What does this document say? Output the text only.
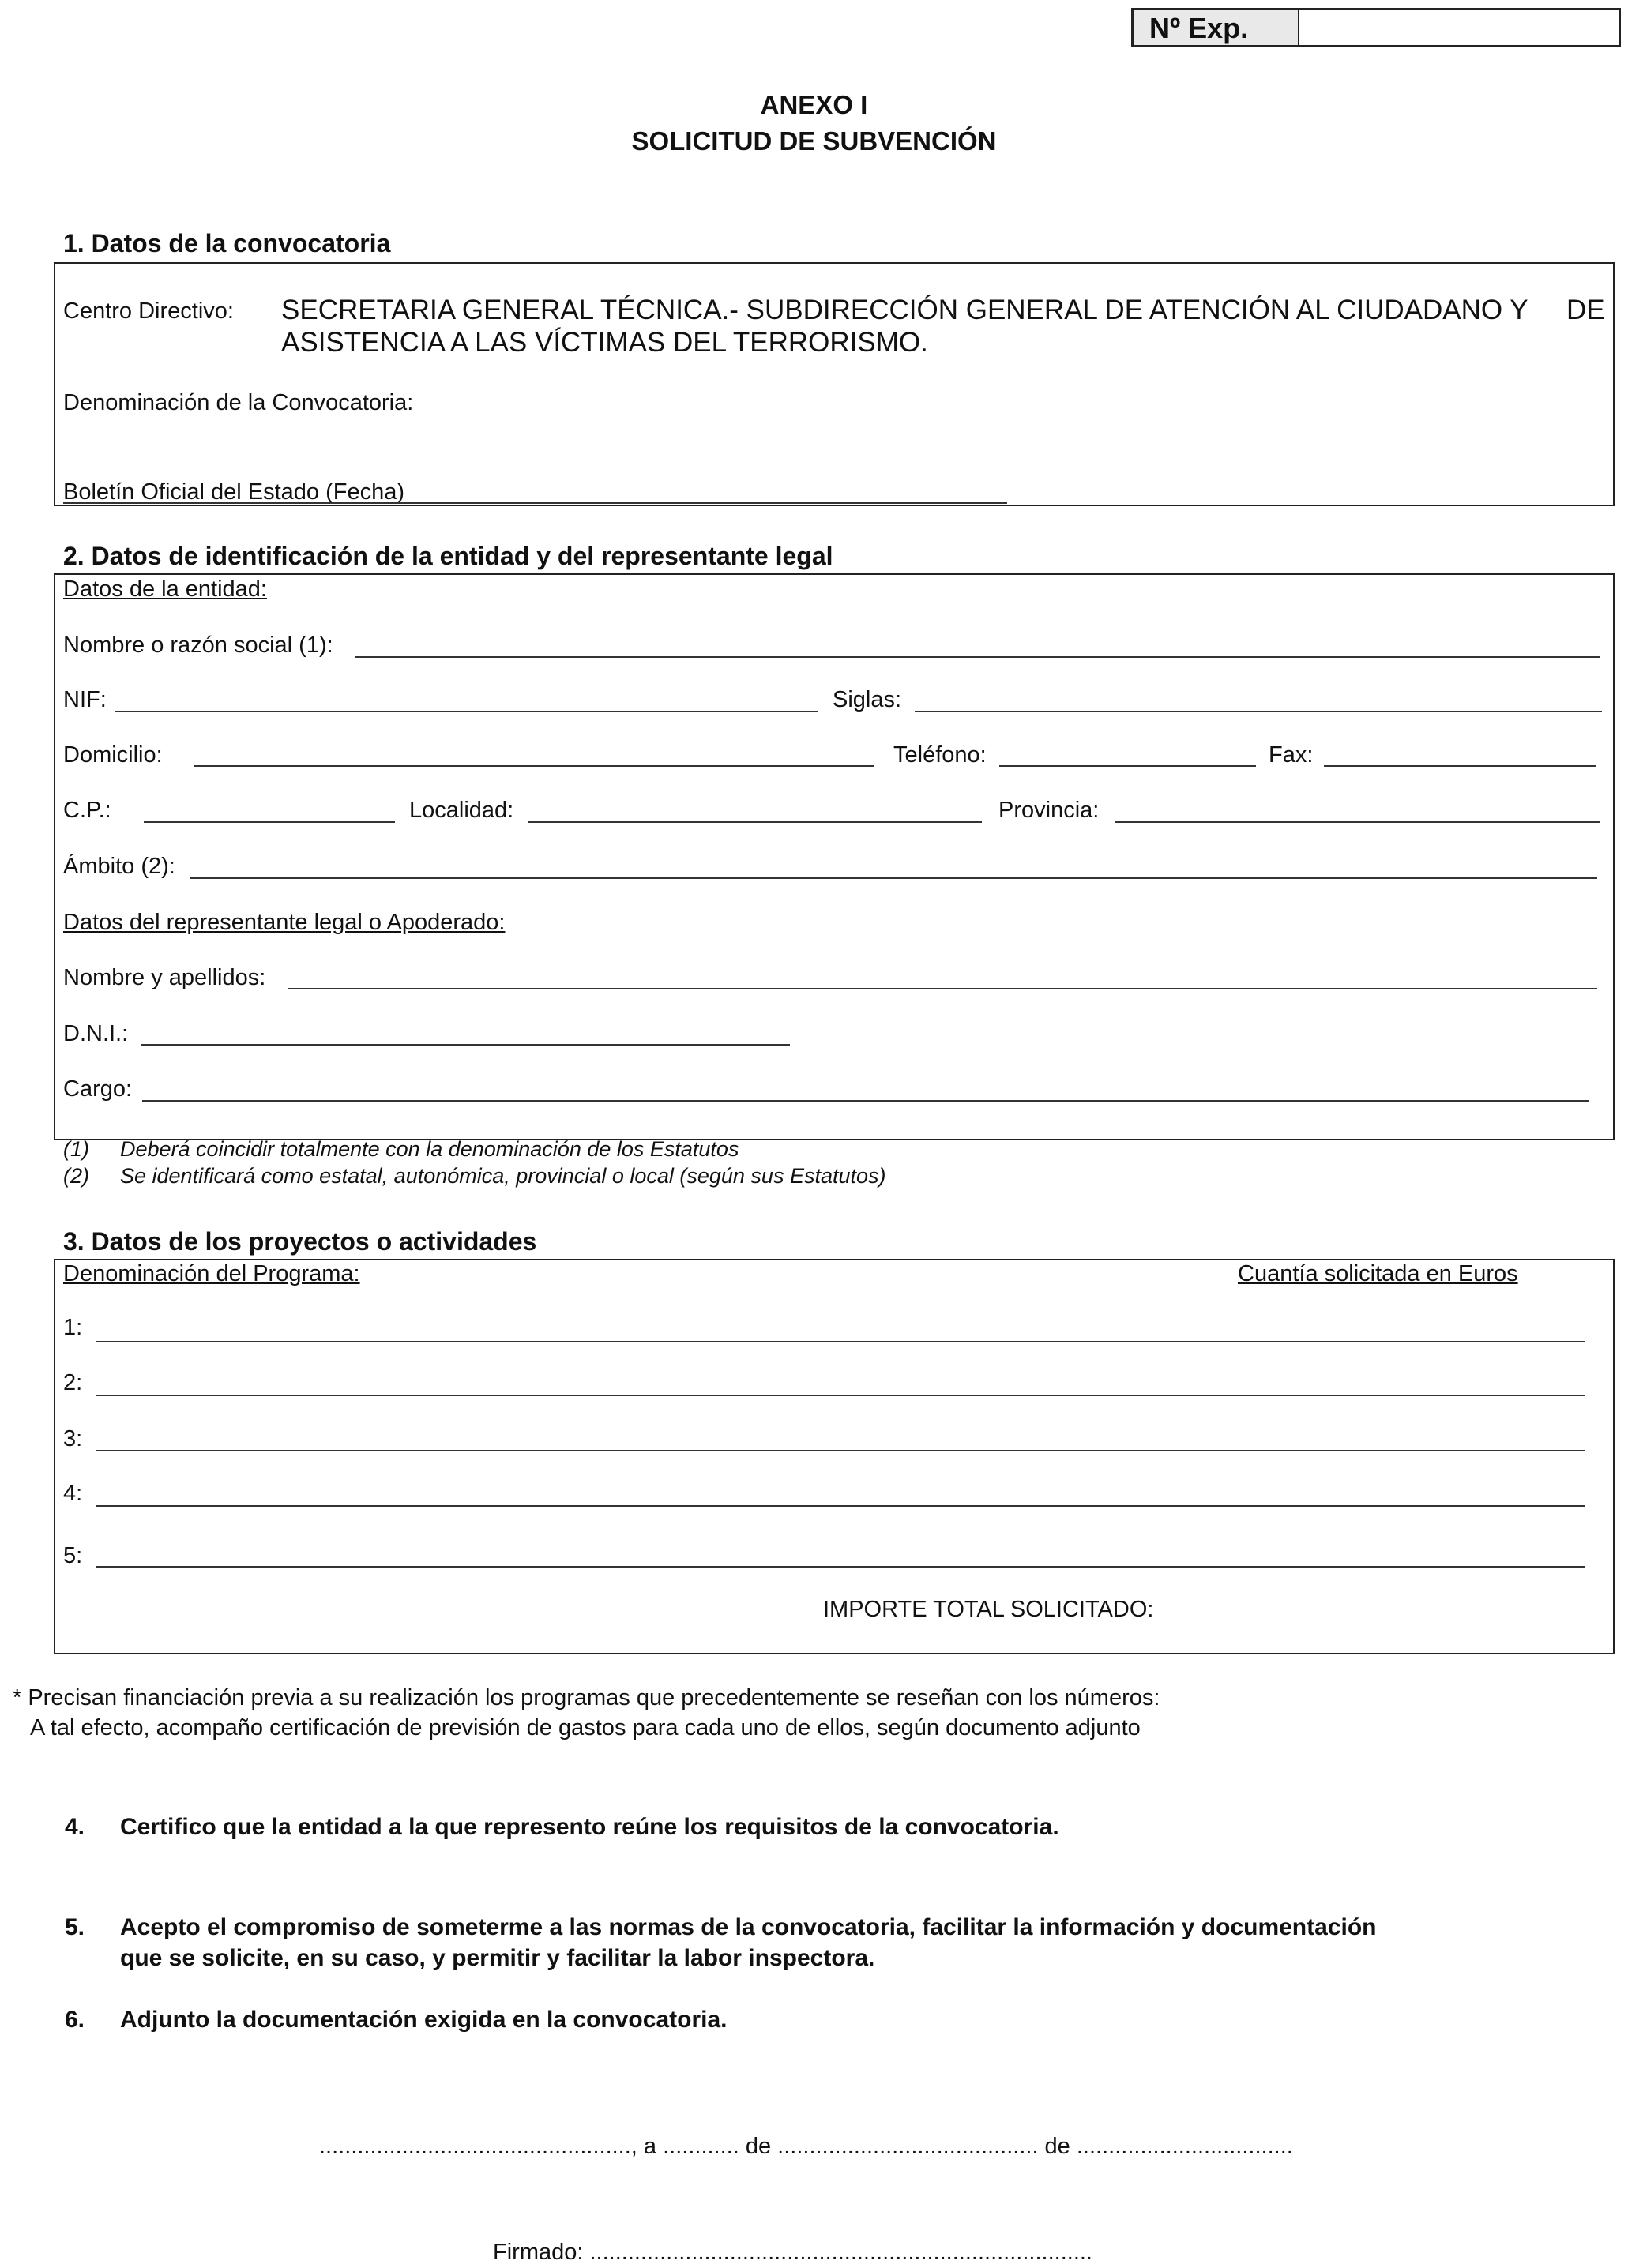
Nº Exp.
ANEXO I
SOLICITUD DE SUBVENCIÓN
1. Datos de la convocatoria
Centro Directivo: SECRETARIA GENERAL TÉCNICA.- SUBDIRECCIÓN GENERAL DE ATENCIÓN AL CIUDADANO Y DE
ASISTENCIA A LAS VÍCTIMAS DEL TERRORISMO.
Denominación de la Convocatoria:
Boletín Oficial del Estado (Fecha)
2. Datos de identificación de la entidad y del representante legal
Datos de la entidad:
Nombre o razón social (1):
NIF:	Siglas:
Domicilio:	Teléfono:	Fax:
C.P.:	Localidad:	Provincia:
Ámbito (2):
Datos del representante legal o Apoderado:
Nombre y apellidos:
D.N.I.:
Cargo:
(1) Deberá coincidir totalmente con la denominación de los Estatutos
(2) Se identificará como estatal, autonómica, provincial o local (según sus Estatutos)
3. Datos de los proyectos o actividades
Denominación del Programa:	Cuantía solicitada en Euros
1:
2:
3:
4:
5:
IMPORTE TOTAL SOLICITADO:
* Precisan financiación previa a su realización los programas que precedentemente se reseñan con los números:
A tal efecto, acompaño certificación de previsión de gastos para cada uno de ellos, según documento adjunto
4. Certifico que la entidad a la que represento reúne los requisitos de la convocatoria.
5. Acepto el compromiso de someterme a las normas de la convocatoria, facilitar la información y documentación
que se solicite, en su caso, y permitir y facilitar la labor inspectora.
6. Adjunto la documentación exigida en la convocatoria.
................................................., a ............ de ......................................... de ..................................
Firmado: ...............................................................................
